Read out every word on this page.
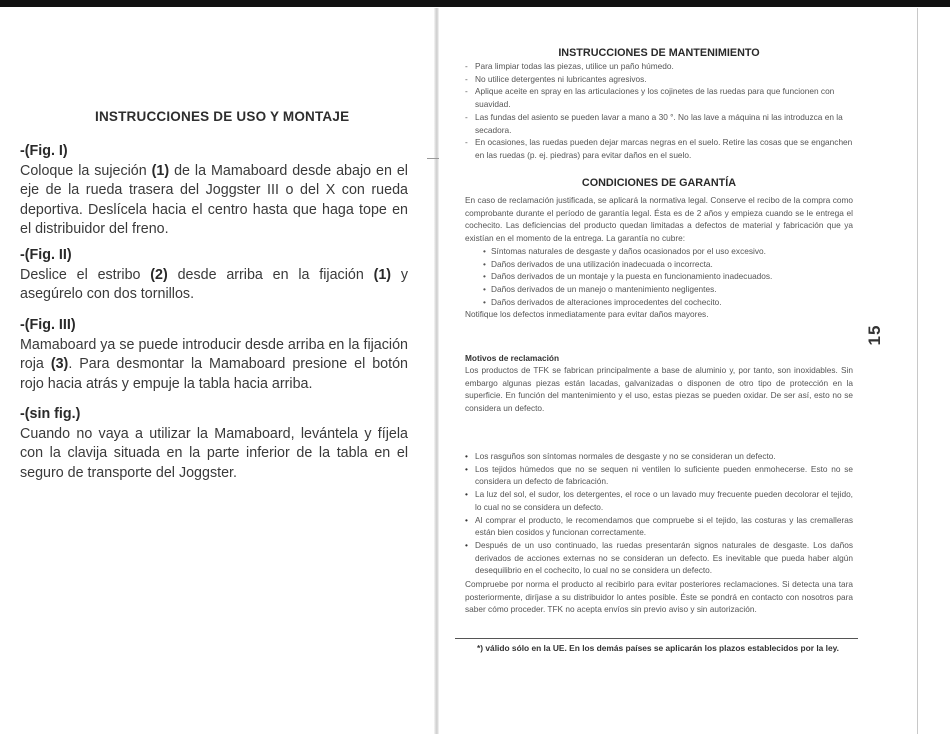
15
INSTRUCCIONES DE USO Y MONTAJE
-(Fig. I)
Coloque la sujeción (1) de la Mamaboard desde abajo en el eje de la rueda trasera del Joggster III o del X con rueda deportiva. Deslícela hacia el centro hasta que haga tope en el distribuidor del freno.
-(Fig. II)
Deslice el estribo (2) desde arriba en la fijación (1) y asegúrelo con dos tornillos.
-(Fig. III)
Mamaboard ya se puede introducir desde arriba en la fijación roja (3). Para desmontar la Mamaboard presione el botón rojo hacia atrás y empuje la tabla hacia arriba.
-(sin fig.)
Cuando no vaya a utilizar la Mamaboard, levántela y fíjela con la clavija situada en la parte inferior de la tabla en el seguro de transporte del Joggster.
INSTRUCCIONES DE MANTENIMIENTO
- Para limpiar todas las piezas, utilice un paño húmedo.
- No utilice detergentes ni lubricantes agresivos.
- Aplique aceite en spray en las articulaciones y los cojinetes de las ruedas para que funcionen con suavidad.
- Las fundas del asiento se pueden lavar a mano a 30 °. No las lave a máquina ni las introduzca en la secadora.
- En ocasiones, las ruedas pueden dejar marcas negras en el suelo. Retire las cosas que se enganchen en las ruedas (p. ej. piedras) para evitar daños en el suelo.
CONDICIONES DE GARANTÍA
En caso de reclamación justificada, se aplicará la normativa legal. Conserve el recibo de la compra como comprobante durante el período de garantía legal. Ésta es de 2 años y empieza cuando se le entrega el cochecito. Las deficiencias del producto quedan limitadas a defectos de material y fabricación que ya existían en el momento de la entrega. La garantía no cubre:
• Síntomas naturales de desgaste y daños ocasionados por el uso excesivo.
• Daños derivados de una utilización inadecuada o incorrecta.
• Daños derivados de un montaje y la puesta en funcionamiento inadecuados.
• Daños derivados de un manejo o mantenimiento negligentes.
• Daños derivados de alteraciones improcedentes del cochecito.
Notifique los defectos inmediatamente para evitar daños mayores.
Motivos de reclamación
Los productos de TFK se fabrican principalmente a base de aluminio y, por tanto, son inoxidables. Sin embargo algunas piezas están lacadas, galvanizadas o disponen de otro tipo de protección en la superficie. En función del mantenimiento y el uso, estas piezas se pueden oxidar. De ser así, esto no se considera un defecto.
• Los rasguños son síntomas normales de desgaste y no se consideran un defecto.
• Los tejidos húmedos que no se sequen ni ventilen lo suficiente pueden enmohecerse. Esto no se considera un defecto de fabricación.
• La luz del sol, el sudor, los detergentes, el roce o un lavado muy frecuente pueden decolorar el tejido, lo cual no se considera un defecto.
• Al comprar el producto, le recomendamos que compruebe si el tejido, las costuras y las cremalleras están bien cosidos y funcionan correctamente.
• Después de un uso continuado, las ruedas presentarán signos naturales de desgaste. Los daños derivados de acciones externas no se consideran un defecto. Es inevitable que pueda haber algún desequilibrio en el cochecito, lo cual no se considera un defecto.
Compruebe por norma el producto al recibirlo para evitar posteriores reclamaciones. Si detecta una tara posteriormente, diríjase a su distribuidor lo antes posible. Éste se pondrá en contacto con nosotros para saber cómo proceder. TFK no acepta envíos sin previo aviso y sin autorización.
*) válido sólo en la UE. En los demás países se aplicarán los plazos establecidos por la ley.
